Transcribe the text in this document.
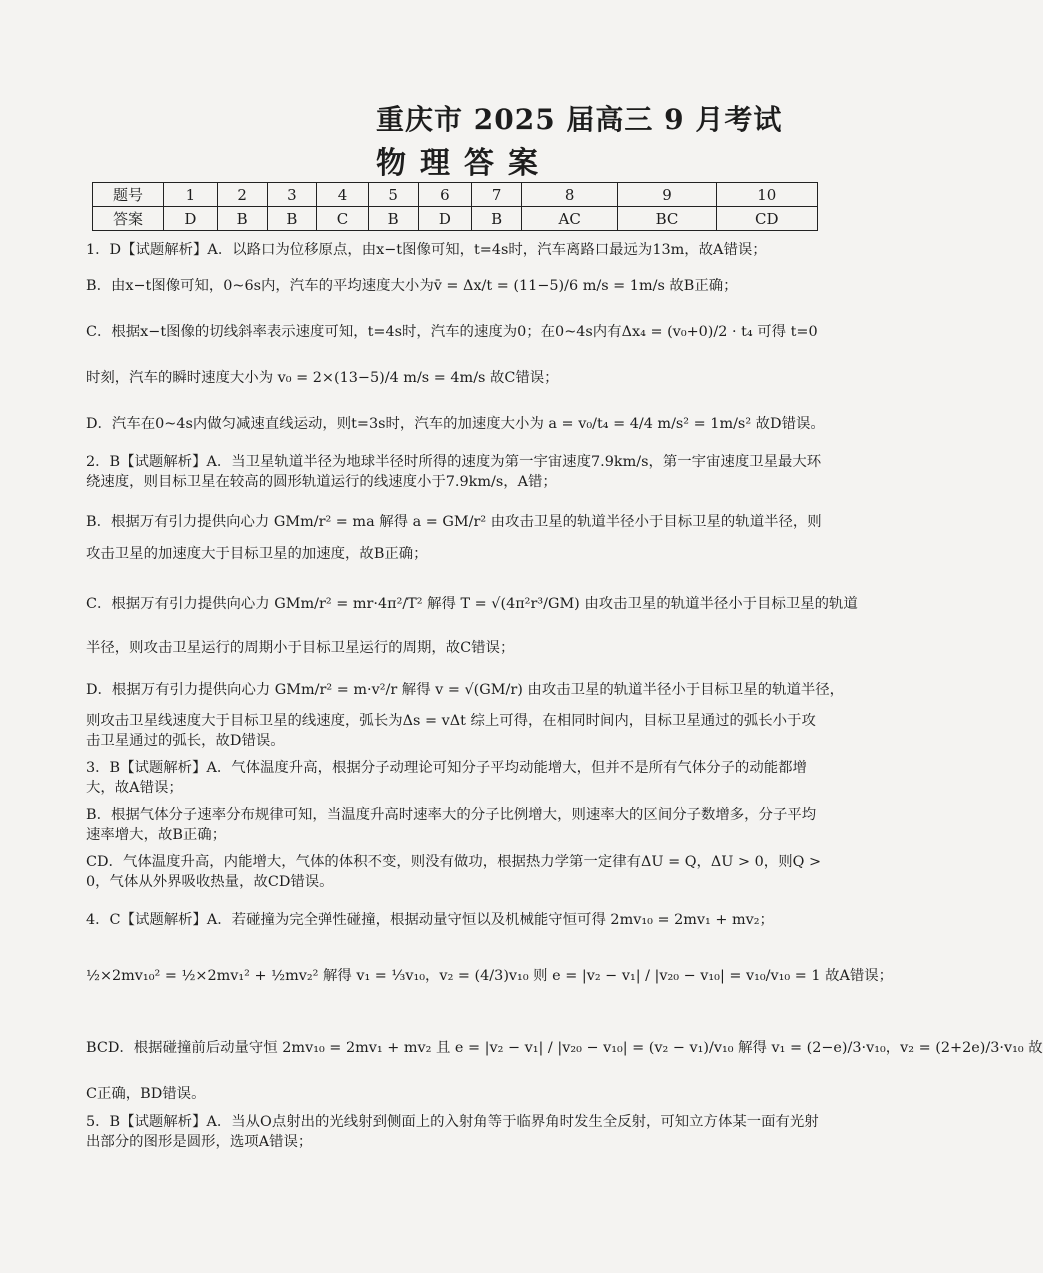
重庆市 2025 届高三 9 月考试
物理答案
题号	1	2	3	4	5	6	7	8	9	10
答案	D	B	B	C	B	D	B	AC	BC	CD
1．D【试题解析】A．以路口为位移原点，由x−t图像可知，t=4s时，汽车离路口最远为13m，故A错误；
B．由x−t图像可知，0~6s内，汽车的平均速度大小为v̄ = Δx/t = (11−5)/6 m/s = 1m/s 故B正确；
C．根据x−t图像的切线斜率表示速度可知，t=4s时，汽车的速度为0；在0~4s内有Δx₄ = (v₀+0)/2 · t₄ 可得 t=0
时刻，汽车的瞬时速度大小为 v₀ = 2×(13−5)/4 m/s = 4m/s 故C错误；
D．汽车在0~4s内做匀减速直线运动，则t=3s时，汽车的加速度大小为 a = v₀/t₄ = 4/4 m/s² = 1m/s² 故D错误。
2．B【试题解析】A．当卫星轨道半径为地球半径时所得的速度为第一宇宙速度7.9km/s，第一宇宙速度卫星最大环绕速度，则目标卫星在较高的圆形轨道运行的线速度小于7.9km/s，A错；
B．根据万有引力提供向心力 GMm/r² = ma 解得 a = GM/r² 由攻击卫星的轨道半径小于目标卫星的轨道半径，则
攻击卫星的加速度大于目标卫星的加速度，故B正确；
C．根据万有引力提供向心力 GMm/r² = mr·4π²/T² 解得 T = √(4π²r³/GM) 由攻击卫星的轨道半径小于目标卫星的轨道
半径，则攻击卫星运行的周期小于目标卫星运行的周期，故C错误；
D．根据万有引力提供向心力 GMm/r² = m·v²/r 解得 v = √(GM/r) 由攻击卫星的轨道半径小于目标卫星的轨道半径，
则攻击卫星线速度大于目标卫星的线速度，弧长为Δs = vΔt 综上可得，在相同时间内，目标卫星通过的弧长小于攻击卫星通过的弧长，故D错误。
3．B【试题解析】A．气体温度升高，根据分子动理论可知分子平均动能增大，但并不是所有气体分子的动能都增大，故A错误；
B．根据气体分子速率分布规律可知，当温度升高时速率大的分子比例增大，则速率大的区间分子数增多，分子平均速率增大，故B正确；
CD．气体温度升高，内能增大，气体的体积不变，则没有做功，根据热力学第一定律有ΔU = Q，ΔU > 0，则Q > 0，气体从外界吸收热量，故CD错误。
4．C【试题解析】A．若碰撞为完全弹性碰撞，根据动量守恒以及机械能守恒可得 2mv₁₀ = 2mv₁ + mv₂；
½×2mv₁₀² = ½×2mv₁² + ½mv₂² 解得 v₁ = ⅓v₁₀，v₂ = (4/3)v₁₀ 则 e = |v₂ − v₁| / |v₂₀ − v₁₀| = v₁₀/v₁₀ = 1 故A错误；
BCD．根据碰撞前后动量守恒 2mv₁₀ = 2mv₁ + mv₂ 且 e = |v₂ − v₁| / |v₂₀ − v₁₀| = (v₂ − v₁)/v₁₀ 解得 v₁ = (2−e)/3·v₁₀，v₂ = (2+2e)/3·v₁₀ 故
C正确，BD错误。
5．B【试题解析】A．当从O点射出的光线射到侧面上的入射角等于临界角时发生全反射，可知立方体某一面有光射出部分的图形是圆形，选项A错误；
